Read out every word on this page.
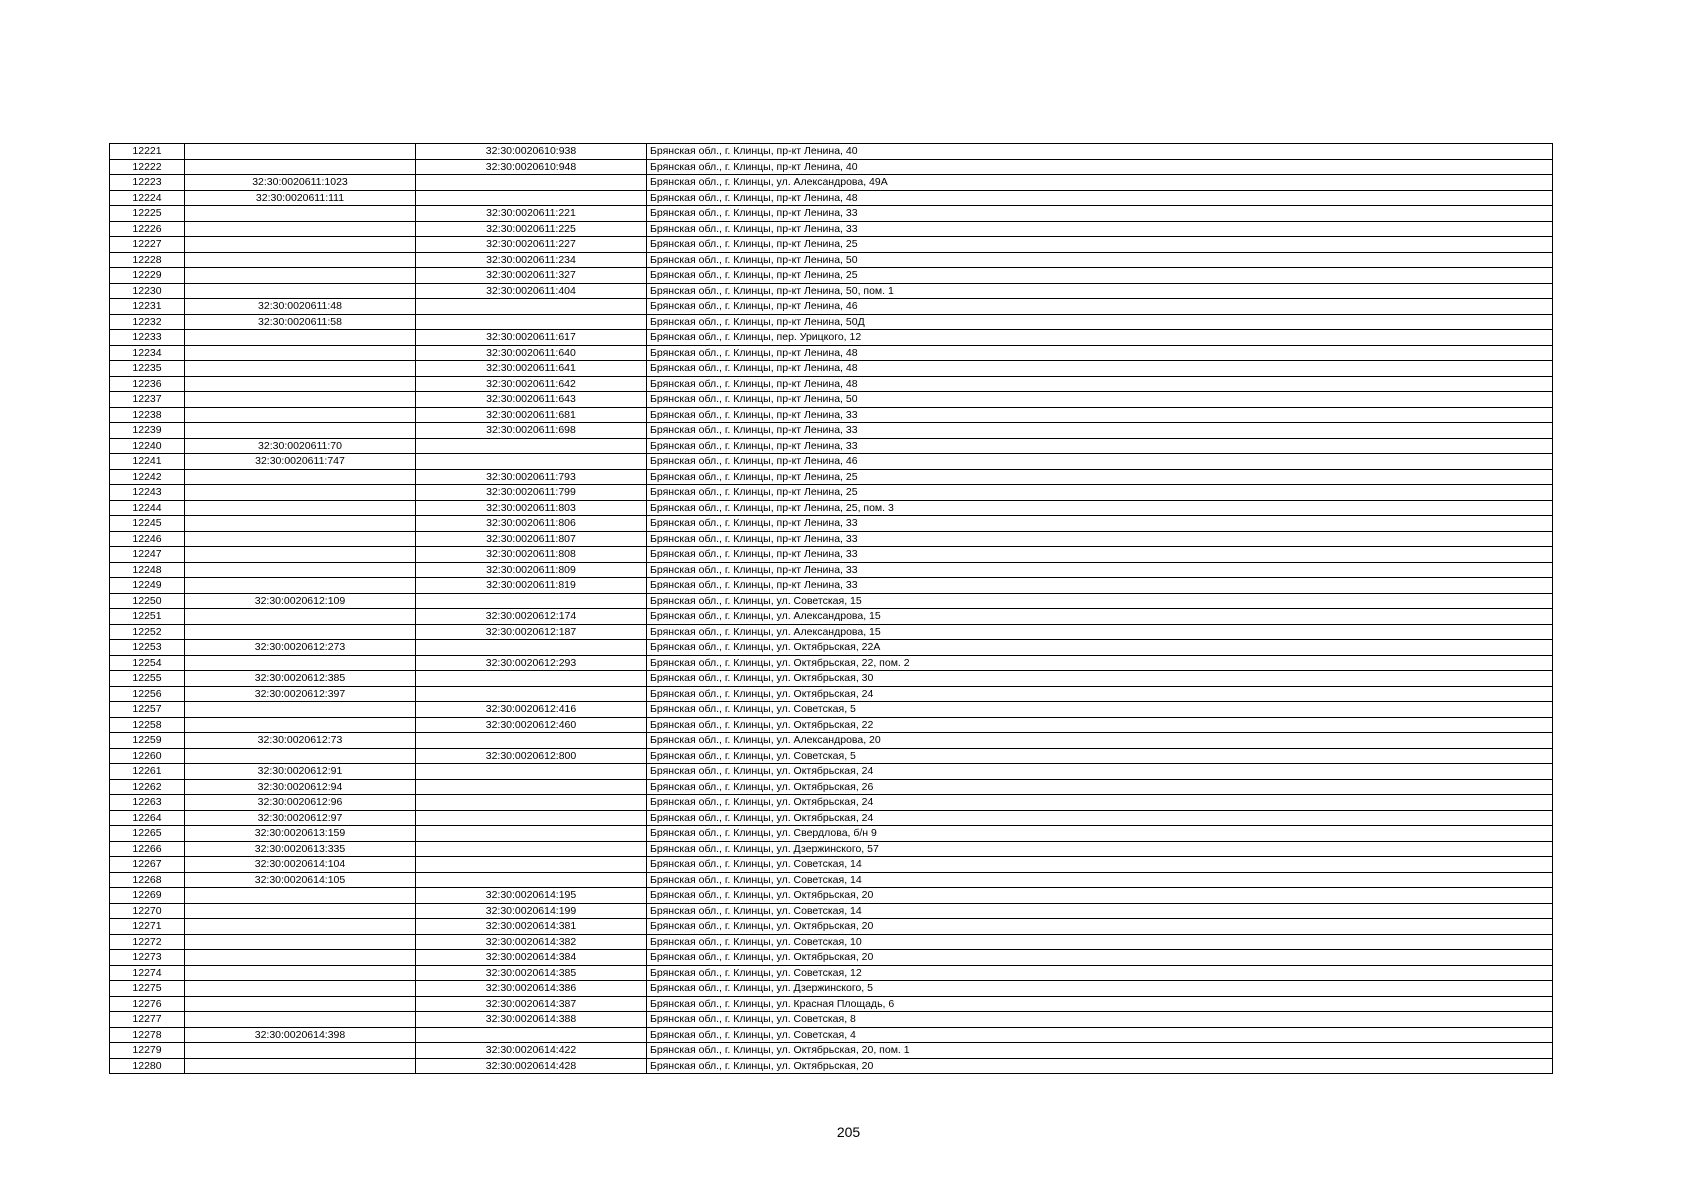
12221		32:30:0020610:938	Брянская обл., г. Клинцы, пр-кт Ленина, 40
12222		32:30:0020610:948	Брянская обл., г. Клинцы, пр-кт Ленина, 40
12223	32:30:0020611:1023		Брянская обл., г. Клинцы, ул. Александрова, 49А
12224	32:30:0020611:111		Брянская обл., г. Клинцы, пр-кт Ленина, 48
12225		32:30:0020611:221	Брянская обл., г. Клинцы, пр-кт Ленина, 33
12226		32:30:0020611:225	Брянская обл., г. Клинцы, пр-кт Ленина, 33
12227		32:30:0020611:227	Брянская обл., г. Клинцы, пр-кт Ленина, 25
12228		32:30:0020611:234	Брянская обл., г. Клинцы, пр-кт Ленина, 50
12229		32:30:0020611:327	Брянская обл., г. Клинцы, пр-кт Ленина, 25
12230		32:30:0020611:404	Брянская обл., г. Клинцы, пр-кт Ленина, 50, пом. 1
12231	32:30:0020611:48		Брянская обл., г. Клинцы, пр-кт Ленина, 46
12232	32:30:0020611:58		Брянская обл., г. Клинцы, пр-кт Ленина, 50Д
12233		32:30:0020611:617	Брянская обл., г. Клинцы, пер. Урицкого, 12
12234		32:30:0020611:640	Брянская обл., г. Клинцы, пр-кт Ленина, 48
12235		32:30:0020611:641	Брянская обл., г. Клинцы, пр-кт Ленина, 48
12236		32:30:0020611:642	Брянская обл., г. Клинцы, пр-кт Ленина, 48
12237		32:30:0020611:643	Брянская обл., г. Клинцы, пр-кт Ленина, 50
12238		32:30:0020611:681	Брянская обл., г. Клинцы, пр-кт Ленина, 33
12239		32:30:0020611:698	Брянская обл., г. Клинцы, пр-кт Ленина, 33
12240	32:30:0020611:70		Брянская обл., г. Клинцы, пр-кт Ленина, 33
12241	32:30:0020611:747		Брянская обл., г. Клинцы, пр-кт Ленина, 46
12242		32:30:0020611:793	Брянская обл., г. Клинцы, пр-кт Ленина, 25
12243		32:30:0020611:799	Брянская обл., г. Клинцы, пр-кт Ленина, 25
12244		32:30:0020611:803	Брянская обл., г. Клинцы, пр-кт Ленина, 25, пом. 3
12245		32:30:0020611:806	Брянская обл., г. Клинцы, пр-кт Ленина, 33
12246		32:30:0020611:807	Брянская обл., г. Клинцы, пр-кт Ленина, 33
12247		32:30:0020611:808	Брянская обл., г. Клинцы, пр-кт Ленина, 33
12248		32:30:0020611:809	Брянская обл., г. Клинцы, пр-кт Ленина, 33
12249		32:30:0020611:819	Брянская обл., г. Клинцы, пр-кт Ленина, 33
12250	32:30:0020612:109		Брянская обл., г. Клинцы, ул. Советская, 15
12251		32:30:0020612:174	Брянская обл., г. Клинцы, ул. Александрова, 15
12252		32:30:0020612:187	Брянская обл., г. Клинцы, ул. Александрова, 15
12253	32:30:0020612:273		Брянская обл., г. Клинцы, ул. Октябрьская, 22А
12254		32:30:0020612:293	Брянская обл., г. Клинцы, ул. Октябрьская, 22, пом. 2
12255	32:30:0020612:385		Брянская обл., г. Клинцы, ул. Октябрьская, 30
12256	32:30:0020612:397		Брянская обл., г. Клинцы, ул. Октябрьская, 24
12257		32:30:0020612:416	Брянская обл., г. Клинцы, ул. Советская, 5
12258		32:30:0020612:460	Брянская обл., г. Клинцы, ул. Октябрьская, 22
12259	32:30:0020612:73		Брянская обл., г. Клинцы, ул. Александрова, 20
12260		32:30:0020612:800	Брянская обл., г. Клинцы, ул. Советская, 5
12261	32:30:0020612:91		Брянская обл., г. Клинцы, ул. Октябрьская, 24
12262	32:30:0020612:94		Брянская обл., г. Клинцы, ул. Октябрьская, 26
12263	32:30:0020612:96		Брянская обл., г. Клинцы, ул. Октябрьская, 24
12264	32:30:0020612:97		Брянская обл., г. Клинцы, ул. Октябрьская, 24
12265	32:30:0020613:159		Брянская обл., г. Клинцы, ул. Свердлова, б/н 9
12266	32:30:0020613:335		Брянская обл., г. Клинцы, ул. Дзержинского, 57
12267	32:30:0020614:104		Брянская обл., г. Клинцы, ул. Советская, 14
12268	32:30:0020614:105		Брянская обл., г. Клинцы, ул. Советская, 14
12269		32:30:0020614:195	Брянская обл., г. Клинцы, ул. Октябрьская, 20
12270		32:30:0020614:199	Брянская обл., г. Клинцы, ул. Советская, 14
12271		32:30:0020614:381	Брянская обл., г. Клинцы, ул. Октябрьская, 20
12272		32:30:0020614:382	Брянская обл., г. Клинцы, ул. Советская, 10
12273		32:30:0020614:384	Брянская обл., г. Клинцы, ул. Октябрьская, 20
12274		32:30:0020614:385	Брянская обл., г. Клинцы, ул. Советская, 12
12275		32:30:0020614:386	Брянская обл., г. Клинцы, ул. Дзержинского, 5
12276		32:30:0020614:387	Брянская обл., г. Клинцы, ул. Красная Площадь, 6
12277		32:30:0020614:388	Брянская обл., г. Клинцы, ул. Советская, 8
12278	32:30:0020614:398		Брянская обл., г. Клинцы, ул. Советская, 4
12279		32:30:0020614:422	Брянская обл., г. Клинцы, ул. Октябрьская, 20, пом. 1
12280		32:30:0020614:428	Брянская обл., г. Клинцы, ул. Октябрьская, 20
205
